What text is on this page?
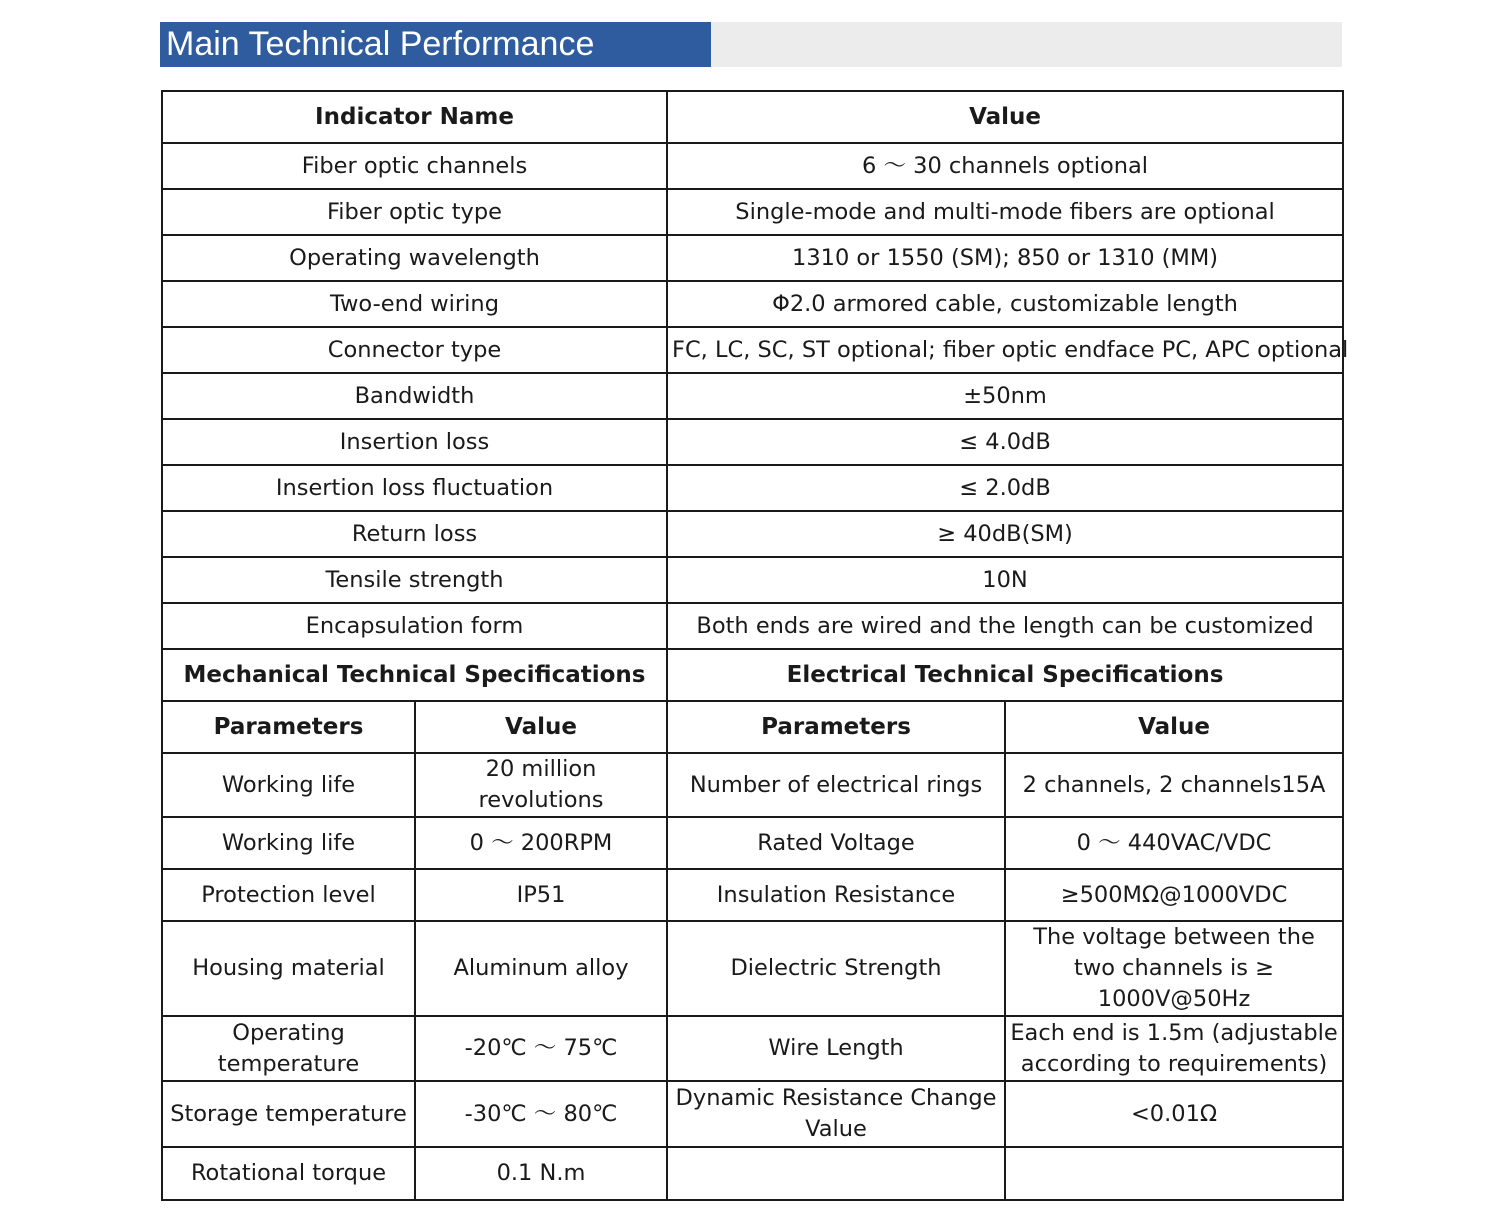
Main Technical Performance
Indicator Name		Value	
Fiber optic channels		6 ～ 30 channels optional	
Fiber optic type		Single-mode and multi-mode fibers are optional	
Operating wavelength		1310 or 1550 (SM); 850 or 1310 (MM)	
Two-end wiring		Φ2.0 armored cable, customizable length	
Connector type		FC, LC, SC, ST optional; fiber optic endface PC, APC optional	
Bandwidth		±50nm	
Insertion loss		≤ 4.0dB	
Insertion loss fluctuation		≤ 2.0dB	
Return loss		≥ 40dB(SM)	
Tensile strength		10N	
Encapsulation form		Both ends are wired and the length can be customized	
Mechanical Technical Specifications		Electrical Technical Specifications	
Parameters	Value	Parameters	Value
Working life	20 million revolutions	Number of electrical rings	2 channels, 2 channels15A
Working life	0 ～ 200RPM	Rated Voltage	0 ～ 440VAC/VDC
Protection level	IP51	Insulation Resistance	≥500MΩ@1000VDC
Housing material	Aluminum alloy	Dielectric Strength	The voltage between the two channels is ≥ 1000V@50Hz
Operating temperature	-20℃ ～ 75℃	Wire Length	Each end is 1.5m (adjustable according to requirements)
Storage temperature	-30℃ ～ 80℃	Dynamic Resistance Change Value	<0.01Ω
Rotational torque	0.1 N.m		
